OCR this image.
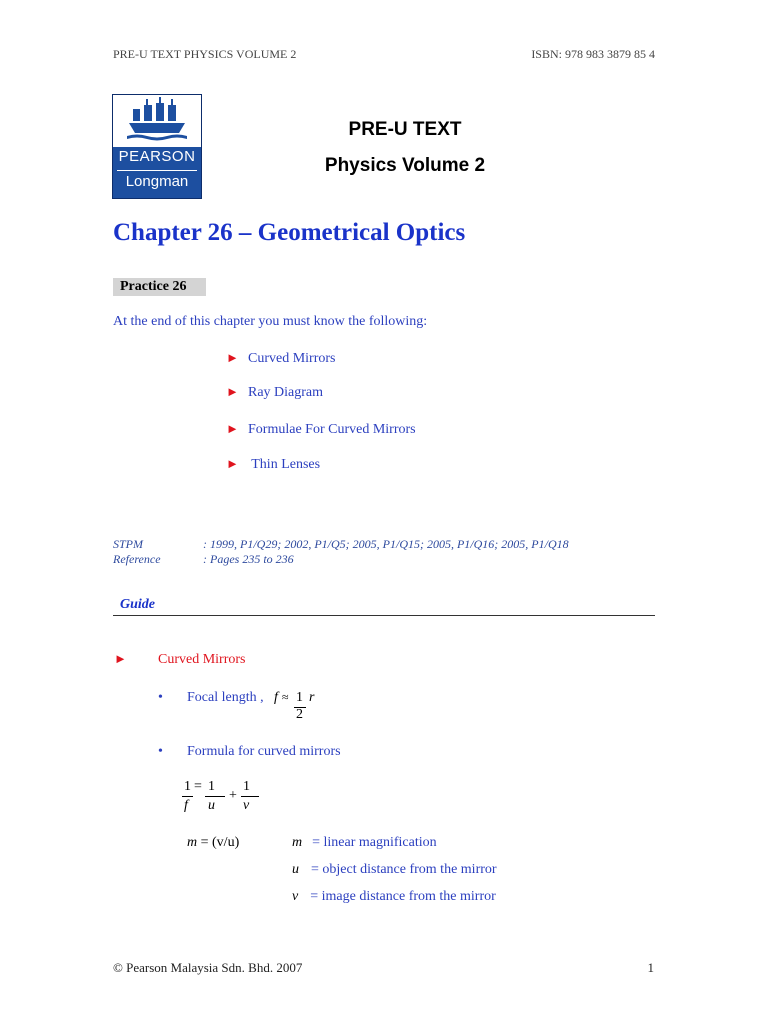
PRE-U TEXT PHYSICS VOLUME 2	ISBN: 978 983 3879 85 4
PEARSON
Longman
PRE-U TEXT
Physics Volume 2
Chapter 26 – Geometrical Optics
Practice 26
At the end of this chapter you must know the following:
► Curved Mirrors
► Ray Diagram
► Formulae For Curved Mirrors
► Thin Lenses
STPM	: 1999, P1/Q29; 2002, P1/Q5; 2005, P1/Q15; 2005, P1/Q16; 2005, P1/Q18
Reference	: Pages 235 to 236
Guide
► Curved Mirrors
• Focal length , f ≈ 1
2
r
• Formula for curved mirrors
1
f
= 1
u
+
1
v
m = (v/u)	m = linear magnification
u = object distance from the mirror
v = image distance from the mirror
© Pearson Malaysia Sdn. Bhd. 2007	1
